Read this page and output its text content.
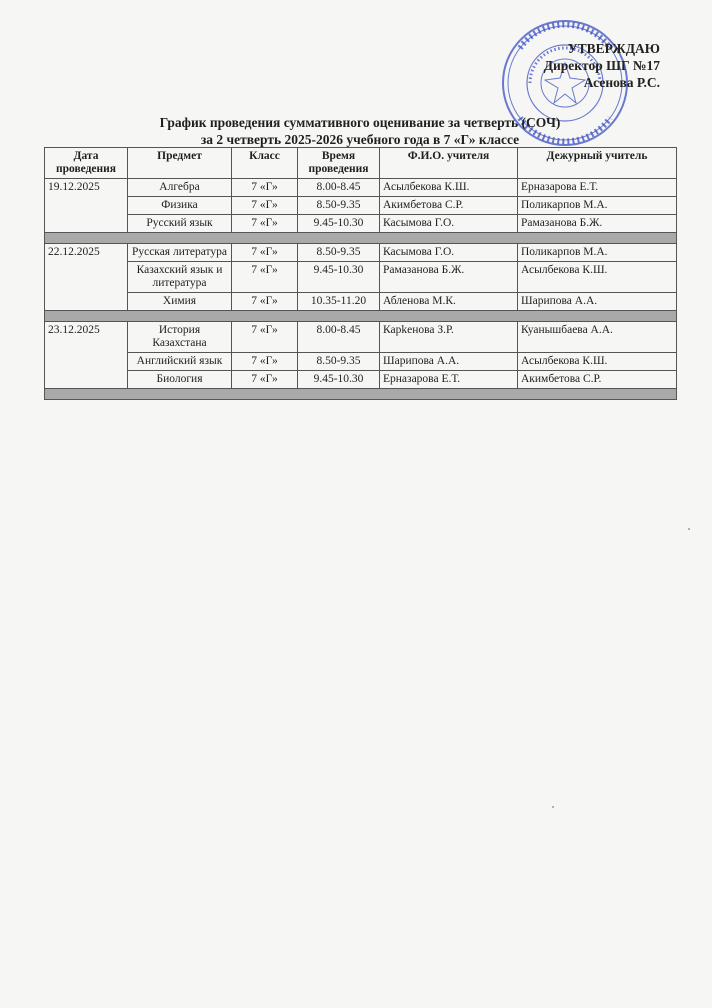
УТВЕРЖДАЮ
Директор ШГ №17
Асенова Р.С.
График проведения суммативного оценивание за четверть (СОЧ)
за 2 четверть 2025-2026 учебного года в 7 «Г» классе
Дата проведения	Предмет	Класс	Время проведения	Ф.И.О. учителя	Дежурный учитель
19.12.2025	Алгебра	7 «Г»	8.00-8.45	Асылбекова К.Ш.	Ерназарова Е.Т.
	Физика	7 «Г»	8.50-9.35	Акимбетова С.Р.	Поликарпов М.А.
	Русский язык	7 «Г»	9.45-10.30	Касымова Г.О.	Рамазанова Б.Ж.

22.12.2025	Русская литература	7 «Г»	8.50-9.35	Касымова Г.О.	Поликарпов М.А.
	Казахский язык и литература	7 «Г»	9.45-10.30	Рамазанова Б.Ж.	Асылбекова К.Ш.
	Химия	7 «Г»	10.35-11.20	Абленова М.К.	Шарипова А.А.

23.12.2025	История Казахстана	7 «Г»	8.00-8.45	Карkенова З.Р.	Куанышбаева А.А.
	Английский язык	7 «Г»	8.50-9.35	Шарипова А.А.	Асылбекова К.Ш.
	Биология	7 «Г»	9.45-10.30	Ерназарова Е.Т.	Акимбетова С.Р.
